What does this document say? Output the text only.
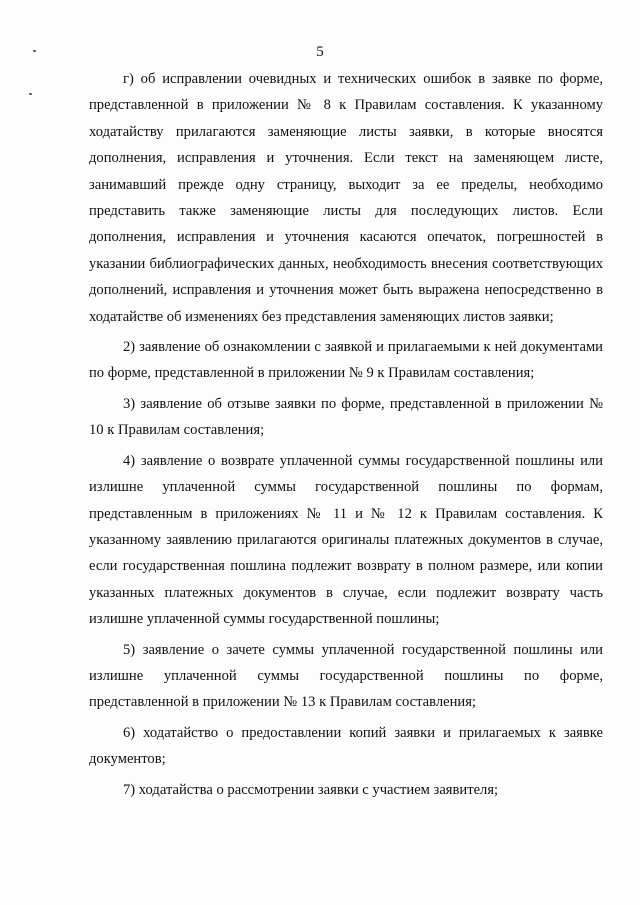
5

г) об исправлении очевидных и технических ошибок в заявке по форме, представленной в приложении № 8 к Правилам составления. К указанному ходатайству прилагаются заменяющие листы заявки, в которые вносятся дополнения, исправления и уточнения. Если текст на заменяющем листе, занимавший прежде одну страницу, выходит за ее пределы, необходимо представить также заменяющие листы для последующих листов. Если дополнения, исправления и уточнения касаются опечаток, погрешностей в указании библиографических данных, необходимость внесения соответствующих дополнений, исправления и уточнения может быть выражена непосредственно в ходатайстве об изменениях без представления заменяющих листов заявки;

2) заявление об ознакомлении с заявкой и прилагаемыми к ней документами по форме, представленной в приложении № 9 к Правилам составления;

3) заявление об отзыве заявки по форме, представленной в приложении № 10 к Правилам составления;

4) заявление о возврате уплаченной суммы государственной пошлины или излишне уплаченной суммы государственной пошлины по формам, представленным в приложениях № 11 и № 12 к Правилам составления. К указанному заявлению прилагаются оригиналы платежных документов в случае, если государственная пошлина подлежит возврату в полном размере, или копии указанных платежных документов в случае, если подлежит возврату часть излишне уплаченной суммы государственной пошлины;

5) заявление о зачете суммы уплаченной государственной пошлины или излишне уплаченной суммы государственной пошлины по форме, представленной в приложении № 13 к Правилам составления;

6) ходатайство о предоставлении копий заявки и прилагаемых к заявке документов;

7) ходатайства о рассмотрении заявки с участием заявителя;
